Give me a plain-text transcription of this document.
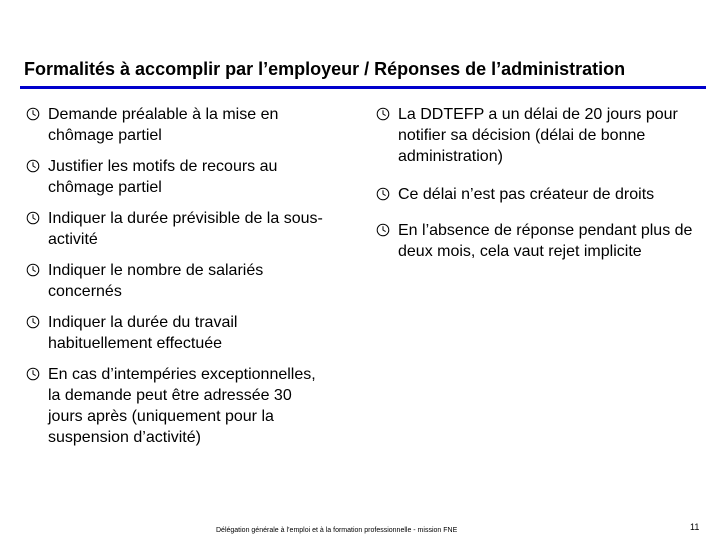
Formalités à accomplir par l’employeur / Réponses de l’administration
Demande préalable à la mise en chômage partiel
Justifier les motifs de recours au chômage partiel
Indiquer la durée prévisible de la sous-activité
Indiquer le nombre de salariés concernés
Indiquer la durée du travail habituellement effectuée
En cas d’intempéries exceptionnelles, la demande peut être adressée 30 jours après (uniquement pour la suspension d’activité)
La DDTEFP a un délai de 20 jours pour notifier sa décision (délai de bonne administration)
Ce délai n’est pas créateur de droits
En l’absence de réponse pendant plus de deux mois, cela vaut rejet implicite
Délégation générale à l’emploi et à la formation professionnelle - mission FNE	11
